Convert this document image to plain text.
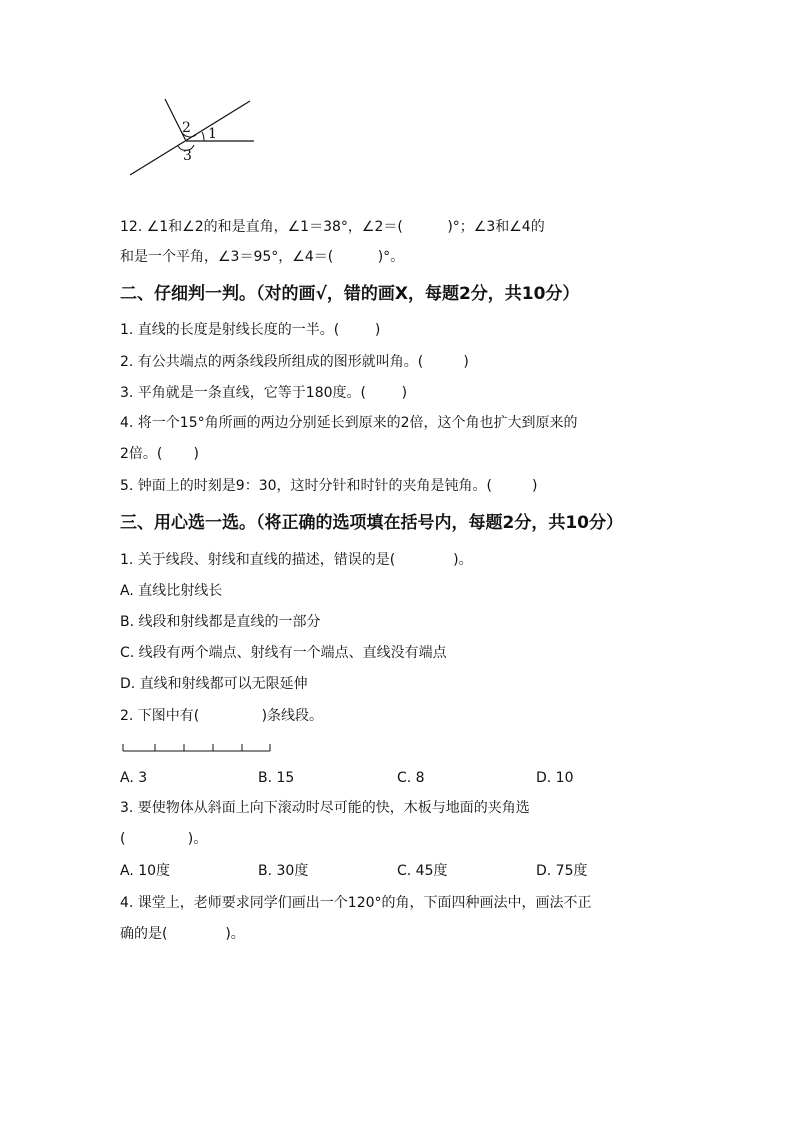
2 1
3
12. ∠1和∠2的和是直角，∠1＝38°，∠2＝(          )°；∠3和∠4的
和是一个平角，∠3＝95°，∠4＝(          )°。
二、仔细判一判。（对的画√，错的画X，每题2分，共10分）
1. 直线的长度是射线长度的一半。(        )
2. 有公共端点的两条线段所组成的图形就叫角。(         )
3. 平角就是一条直线，它等于180度。(        )
4. 将一个15°角所画的两边分别延长到原来的2倍，这个角也扩大到原来的
2倍。(       )
5. 钟面上的时刻是9：30，这时分针和时针的夹角是钝角。(         )
三、用心选一选。（将正确的选项填在括号内，每题2分，共10分）
1. 关于线段、射线和直线的描述，错误的是(             )。
A. 直线比射线长
B. 线段和射线都是直线的一部分
C. 线段有两个端点、射线有一个端点、直线没有端点
D. 直线和射线都可以无限延伸
2. 下图中有(              )条线段。
A. 3	B. 15	C. 8	D. 10
3. 要使物体从斜面上向下滚动时尽可能的快，木板与地面的夹角选
(              )。
A. 10度	B. 30度	C. 45度	D. 75度
4. 课堂上，老师要求同学们画出一个120°的角，下面四种画法中，画法不正
确的是(             )。
